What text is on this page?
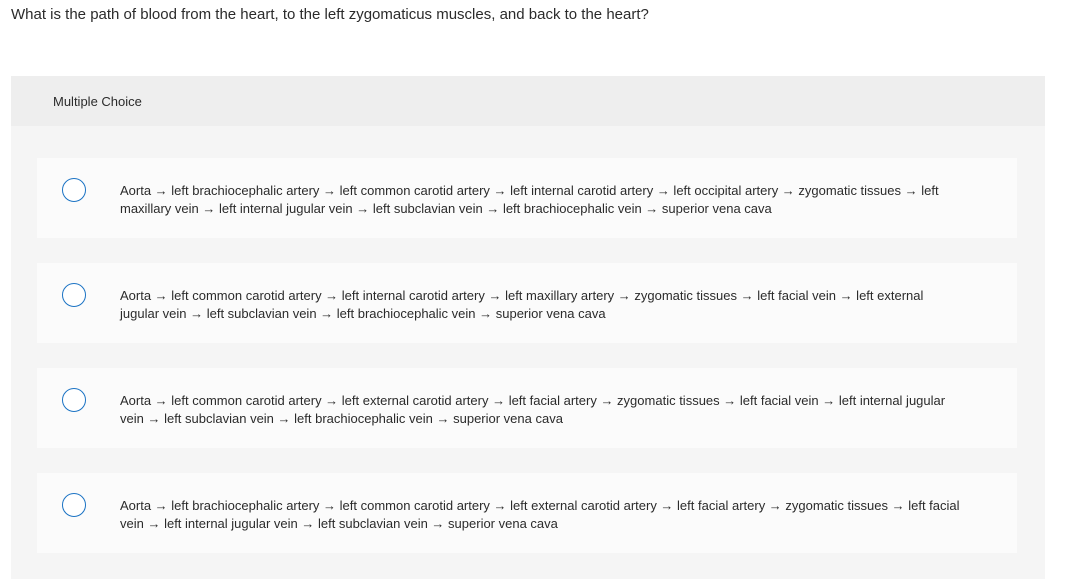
What is the path of blood from the heart, to the left zygomaticus muscles, and back to the heart?
Multiple Choice
Aorta → left brachiocephalic artery → left common carotid artery → left internal carotid artery → left occipital artery → zygomatic tissues → left maxillary vein → left internal jugular vein → left subclavian vein → left brachiocephalic vein → superior vena cava
Aorta → left common carotid artery → left internal carotid artery → left maxillary artery → zygomatic tissues → left facial vein → left external jugular vein → left subclavian vein → left brachiocephalic vein → superior vena cava
Aorta → left common carotid artery → left external carotid artery → left facial artery → zygomatic tissues → left facial vein → left internal jugular vein → left subclavian vein → left brachiocephalic vein → superior vena cava
Aorta → left brachiocephalic artery → left common carotid artery → left external carotid artery → left facial artery → zygomatic tissues → left facial vein → left internal jugular vein → left subclavian vein → superior vena cava
